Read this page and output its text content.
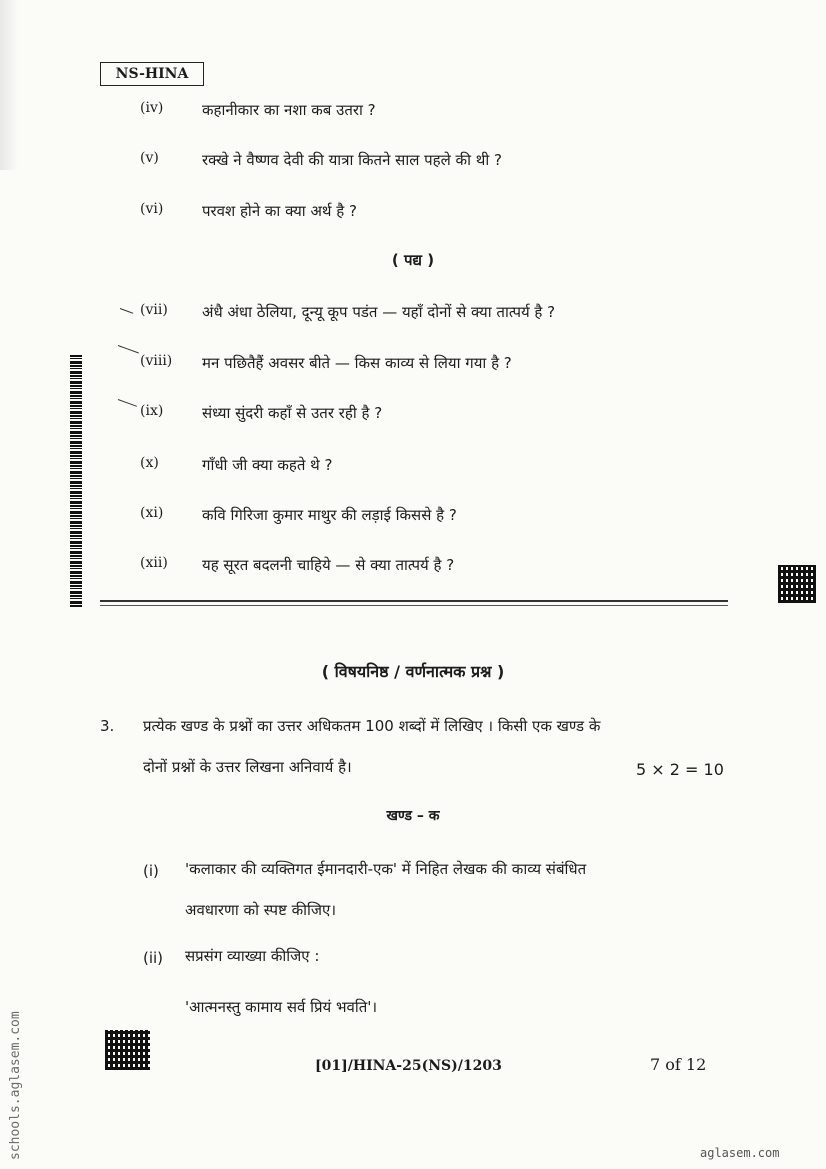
NS-HINA
(iv)	कहानीकार का नशा कब उतरा ?
(v)	रक्खे ने वैष्णव देवी की यात्रा कितने साल पहले की थी ?
(vi)	परवश होने का क्या अर्थ है ?
( पद्य )
(vii) अंधै अंधा ठेलिया, दून्यू कूप पडंत — यहाँ दोनों से क्या तात्पर्य है ?
(viii) मन पछितैहैं अवसर बीते — किस काव्य से लिया गया है ?
(ix)	संध्या सुंदरी कहाँ से उतर रही है ?
(x)	गाँधी जी क्या कहते थे ?
(xi)	कवि गिरिजा कुमार माथुर की लड़ाई किससे है ?
(xii) यह सूरत बदलनी चाहिये — से क्या तात्पर्य है ?
( विषयनिष्ठ / वर्णनात्मक प्रश्न )
3. प्रत्येक खण्ड के प्रश्नों का उत्तर अधिकतम 100 शब्दों में लिखिए । किसी एक खण्ड के
दोनों प्रश्नों के उत्तर लिखना अनिवार्य है।	5 × 2 = 10
खण्ड – क
(i) 'कलाकार की व्यक्तिगत ईमानदारी-एक' में निहित लेखक की काव्य संबंधित
अवधारणा को स्पष्ट कीजिए।
(ii) सप्रसंग व्याख्या कीजिए :
'आत्मनस्तु कामाय सर्व प्रियं भवति'।
[01]/HINA-25(NS)/1203	7 of 12
schools.aglasem.com	aglasem.com
